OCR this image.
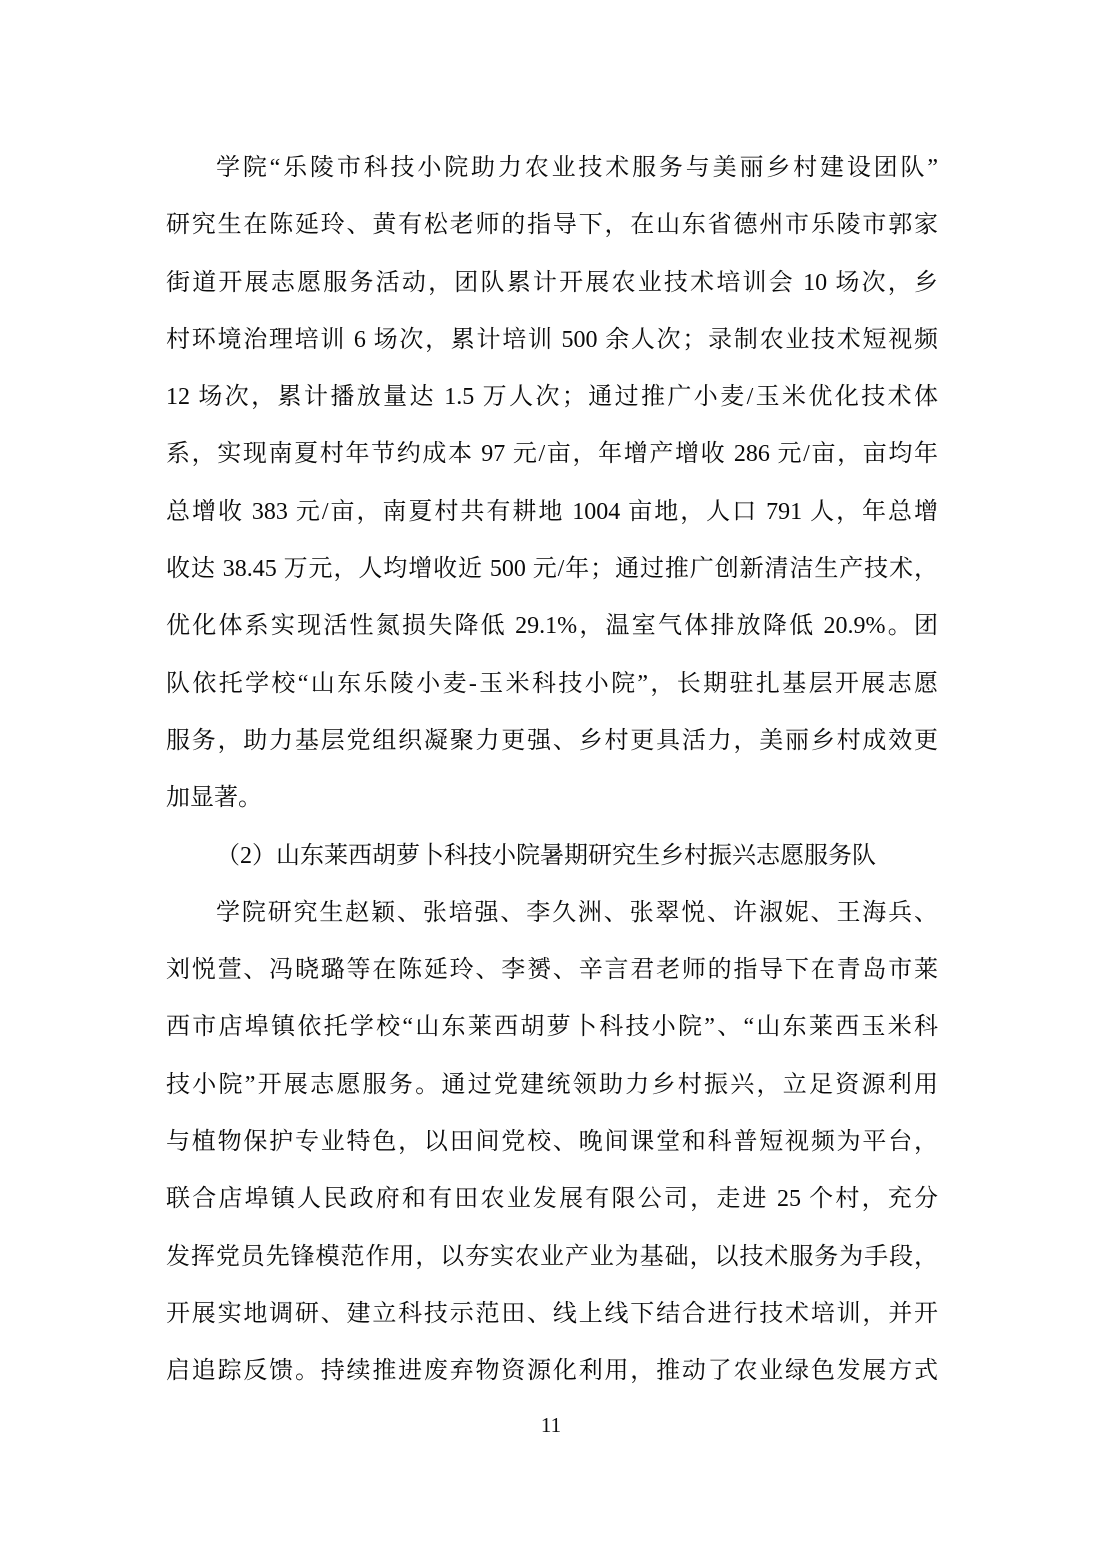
学院“乐陵市科技小院助力农业技术服务与美丽乡村建设团队”
研究生在陈延玲、黄有松老师的指导下，在山东省德州市乐陵市郭家
街道开展志愿服务活动，团队累计开展农业技术培训会 10 场次，乡
村环境治理培训 6 场次，累计培训 500 余人次；录制农业技术短视频
12 场次，累计播放量达 1.5 万人次；通过推广小麦/玉米优化技术体
系，实现南夏村年节约成本 97 元/亩，年增产增收 286 元/亩，亩均年
总增收 383 元/亩，南夏村共有耕地 1004 亩地，人口 791 人，年总增
收达 38.45 万元，人均增收近 500 元/年；通过推广创新清洁生产技术，
优化体系实现活性氮损失降低 29.1%，温室气体排放降低 20.9%。团
队依托学校“山东乐陵小麦-玉米科技小院”，长期驻扎基层开展志愿
服务，助力基层党组织凝聚力更强、乡村更具活力，美丽乡村成效更
加显著。
（2）山东莱西胡萝卜科技小院暑期研究生乡村振兴志愿服务队
学院研究生赵颖、张培强、李久洲、张翠悦、许淑妮、王海兵、
刘悦萱、冯晓璐等在陈延玲、李赟、辛言君老师的指导下在青岛市莱
西市店埠镇依托学校“山东莱西胡萝卜科技小院”、“山东莱西玉米科
技小院”开展志愿服务。通过党建统领助力乡村振兴，立足资源利用
与植物保护专业特色，以田间党校、晚间课堂和科普短视频为平台，
联合店埠镇人民政府和有田农业发展有限公司，走进 25 个村，充分
发挥党员先锋模范作用，以夯实农业产业为基础，以技术服务为手段，
开展实地调研、建立科技示范田、线上线下结合进行技术培训，并开
启追踪反馈。持续推进废弃物资源化利用，推动了农业绿色发展方式
11
